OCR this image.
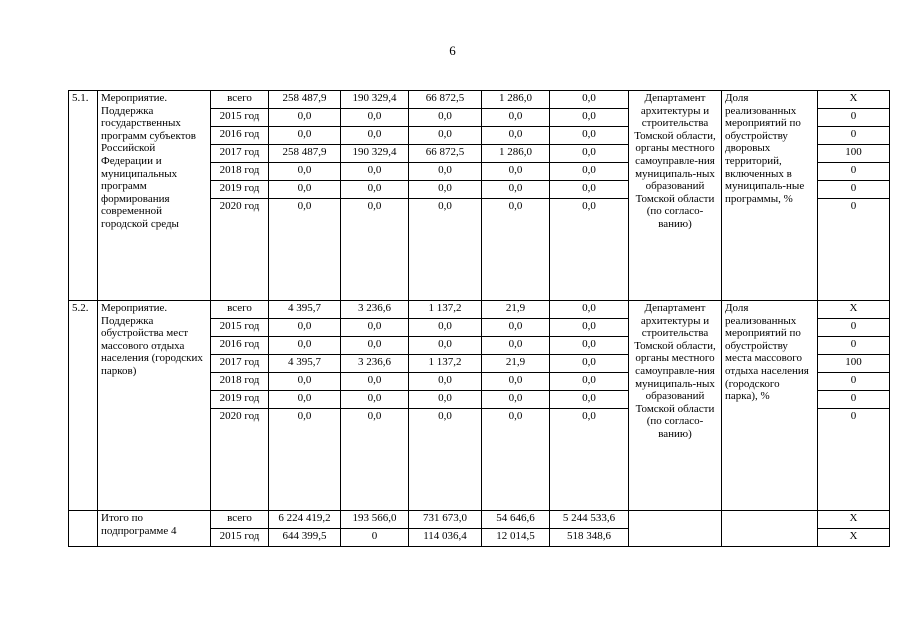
6
5.1.	Мероприятие. Поддержка государственных программ субъектов Российской Федерации и муниципальных программ формирования современной городской среды	всего	258 487,9	190 329,4	66 872,5	1 286,0	0,0	Департамент архитектуры и строительства Томской области, органы местного самоуправле-ния муниципаль-ных образований Томской области (по согласо-ванию)	Доля реализованных мероприятий по обустройству дворовых территорий, включенных в муниципаль-ные программы, %	X
		2015 год	0,0	0,0	0,0	0,0	0,0			0
		2016 год	0,0	0,0	0,0	0,0	0,0			0
		2017 год	258 487,9	190 329,4	66 872,5	1 286,0	0,0			100
		2018 год	0,0	0,0	0,0	0,0	0,0			0
		2019 год	0,0	0,0	0,0	0,0	0,0			0
		2020 год	0,0	0,0	0,0	0,0	0,0			0
5.2.	Мероприятие. Поддержка обустройства мест массового отдыха населения (городских парков)	всего	4 395,7	3 236,6	1 137,2	21,9	0,0	Департамент архитектуры и строительства Томской области, органы местного самоуправле-ния муниципаль-ных образований Томской области (по согласо-ванию)	Доля реализованных мероприятий по обустройству места массового отдыха населения (городского парка), %	X
		2015 год	0,0	0,0	0,0	0,0	0,0			0
		2016 год	0,0	0,0	0,0	0,0	0,0			0
		2017 год	4 395,7	3 236,6	1 137,2	21,9	0,0			100
		2018 год	0,0	0,0	0,0	0,0	0,0			0
		2019 год	0,0	0,0	0,0	0,0	0,0			0
		2020 год	0,0	0,0	0,0	0,0	0,0			0
	Итого по подпрограмме 4	всего	6 224 419,2	193 566,0	731 673,0	54 646,6	5 244 533,6			X
		2015 год	644 399,5	0	114 036,4	12 014,5	518 348,6			X
